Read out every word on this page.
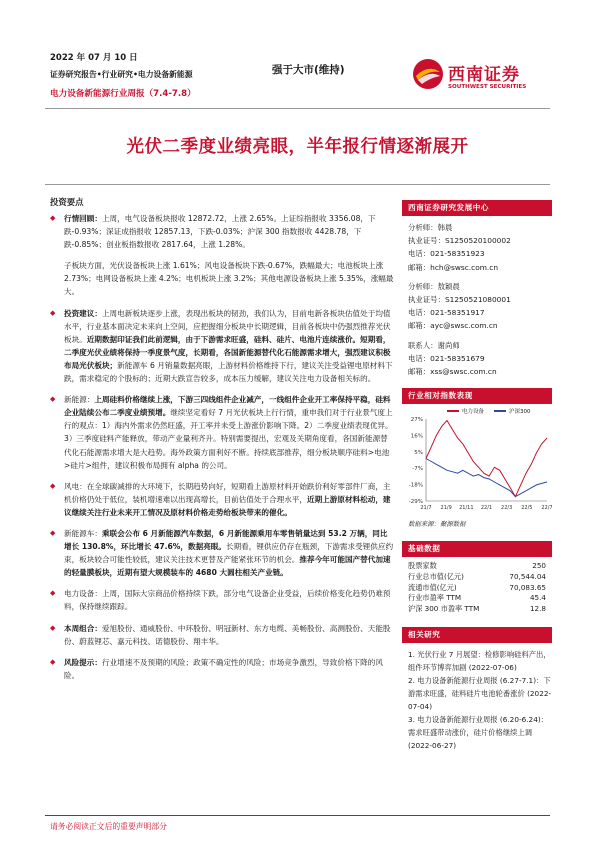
2022 年 07 月 10 日
证券研究报告•行业研究•电力设备新能源
电力设备新能源行业周报（7.4-7.8）
强于大市(维持)	西南证券
SOUTHWEST SECURITIES
光伏二季度业绩亮眼，半年报行情逐渐展开
投资要点
◆ 行情回顾：上周，电气设备板块报收 12872.72，上涨 2.65%。上证综指报收 3356.08，下跌-0.93%；深证成指报收 12857.13，下跌-0.03%；沪深 300 指数报收 4428.78，下跌-0.85%；创业板指数报收 2817.64，上涨 1.28%。
子板块方面，光伏设备板块上涨 1.61%；风电设备板块下跌-0.67%，跌幅最大；电池板块上涨 2.73%；电网设备板块上涨 4.2%；电机板块上涨 3.2%；其他电源设备板块上涨 5.35%，涨幅最大。
◆ 投资建议：上周电新板块逐步上涨，表现出板块的韧劲，我们认为，目前电新各板块估值处于均值水平，行业基本面决定未来向上空间，应把握细分板块中长期逻辑，目前各板块中仍强烈推荐光伏板块。近期数据印证我们此前逻辑，由于下游需求旺盛，硅料、硅片、电池片连续涨价。短期看，二季度光伏业绩将保持一季度景气度，长期看，各国新能源替代化石能源需求增大，强烈建议积极布局光伏板块；新能源车 6 月销量数据亮眼，上游材料价格维持下行，建议关注受益锂电原材料下跌，需求稳定的个股标的；近期大跌宣告较多，成本压力缓解，建议关注电力设备相关标的。
◆ 新能源：上周硅料价格继续上涨，下游三四线组件企业减产，一线组件企业开工率保持平稳，硅料企业陆续公布二季度业绩预增。继续坚定看好 7 月光伏板块上行行情，重申我们对于行业景气度上行的观点：1）海内外需求仍然旺盛，开工率并未受上游涨价影响下降。2）二季度业绩表现优异。3）三季度硅料产能释放，带动产业量利齐升。特别需要提出，宏观及关期角度看，各国新能源替代化石能源需求增大是大趋势。海外政策方面利好不断。持续底部推荐，细分板块顺序硅料>电池>硅片>组件，建议积极布局拥有 alpha 的公司。
◆ 风电：在全球碳减排的大环境下，长期趋势向好，短期看上游原材料开始跌价利好零部件厂商，主机价格仍处于低位，装机增速难以出现高增长，目前估值处于合理水平，近期上游原材料松动，建议继续关注行业未来开工情况及原材料价格走势给板块带来的催化。
◆ 新能源车：乘联会公布 6 月新能源汽车数据，6 月新能源乘用车零售销量达到 53.2 万辆，同比增长 130.8%，环比增长 47.6%，数据亮眼。长期看，锂供应仍存在瓶颈，下游需求受锂供应约束，板块较合可能性较低，建议关注技术更替及产能紧张环节的机会。推荐今年可能国产替代加速的轻量膜板块，近期有望大规模装车的 4680 大圆柱相关产业链。
◆ 电力设备：上周，国际大宗商品价格持续下跌，部分电气设备企业受益，后续价格变化趋势仍难预料，保持继续跟踪。
◆ 本周组合：爱旭股份、通威股份、中环股份、明冠新材、东方电缆、美畅股份、高测股份、天能股份、蔚蓝锂芯、嘉元科技、诺德股份、翔丰华。
◆ 风险提示：行业增速不及预期的风险；政策不确定性的风险；市场竞争激烈，导致价格下降的风险。
西南证券研究发展中心

分析师：韩晨

执业证号：S1250520100002

电话：021-58351923

邮箱：hch@swsc.com.cn

分析师：敖颖晨

执业证号：S1250521080001

电话：021-58351917

邮箱：ayc@swsc.com.cn

联系人：谢尚师

电话：021-58351679

邮箱：xss@swsc.com.cn

行业相对指数表现
电力设备	沪深300
27%
16%
5%
-7%
-18%
-29%
21/7 21/9 21/11 22/1 22/3 22/5 22/7
数据来源：聚源数据
基础数据
股票家数	250
行业总市值(亿元)	70,544.04
流通市值(亿元)	70,083.65
行业市盈率 TTM	45.4
沪深 300 市盈率 TTM	12.8
相关研究

1. 光伏行业 7 月展望：检修影响硅料产出，组件环节博弈加剧 (2022-07-06)

2. 电力设备新能源行业周报 (6.27-7.1)：下游需求旺盛，硅料硅片电池轮番涨价 (2022-07-04)

3. 电力设备新能源行业周报 (6.20-6.24)：需求旺盛带动涨价，硅片价格继续上调 (2022-06-27)

请务必阅读正文后的重要声明部分
